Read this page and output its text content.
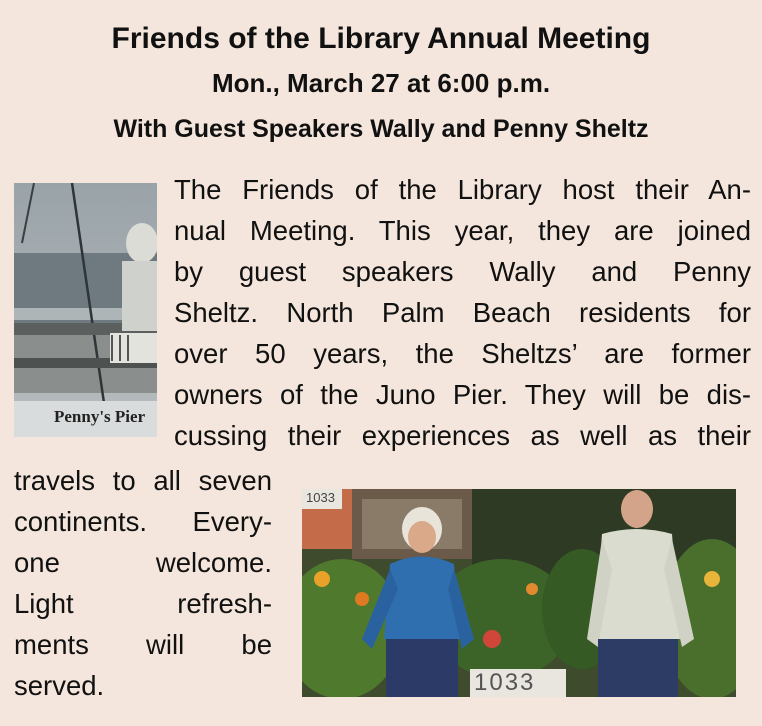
Friends of the Library Annual Meeting
Mon., March 27 at 6:00 p.m.
With Guest Speakers Wally and Penny Sheltz
Penny's Pier
The Friends of the Library host their An-
nual Meeting. This year, they are joined
by guest speakers Wally and Penny
Sheltz. North Palm Beach residents for
over 50 years, the Sheltzs’ are former
owners of the Juno Pier. They will be dis-
cussing their experiences as well as their
travels to all seven
continents. Every-
one welcome.
Light refresh-
ments will be
served.	1033
1033
